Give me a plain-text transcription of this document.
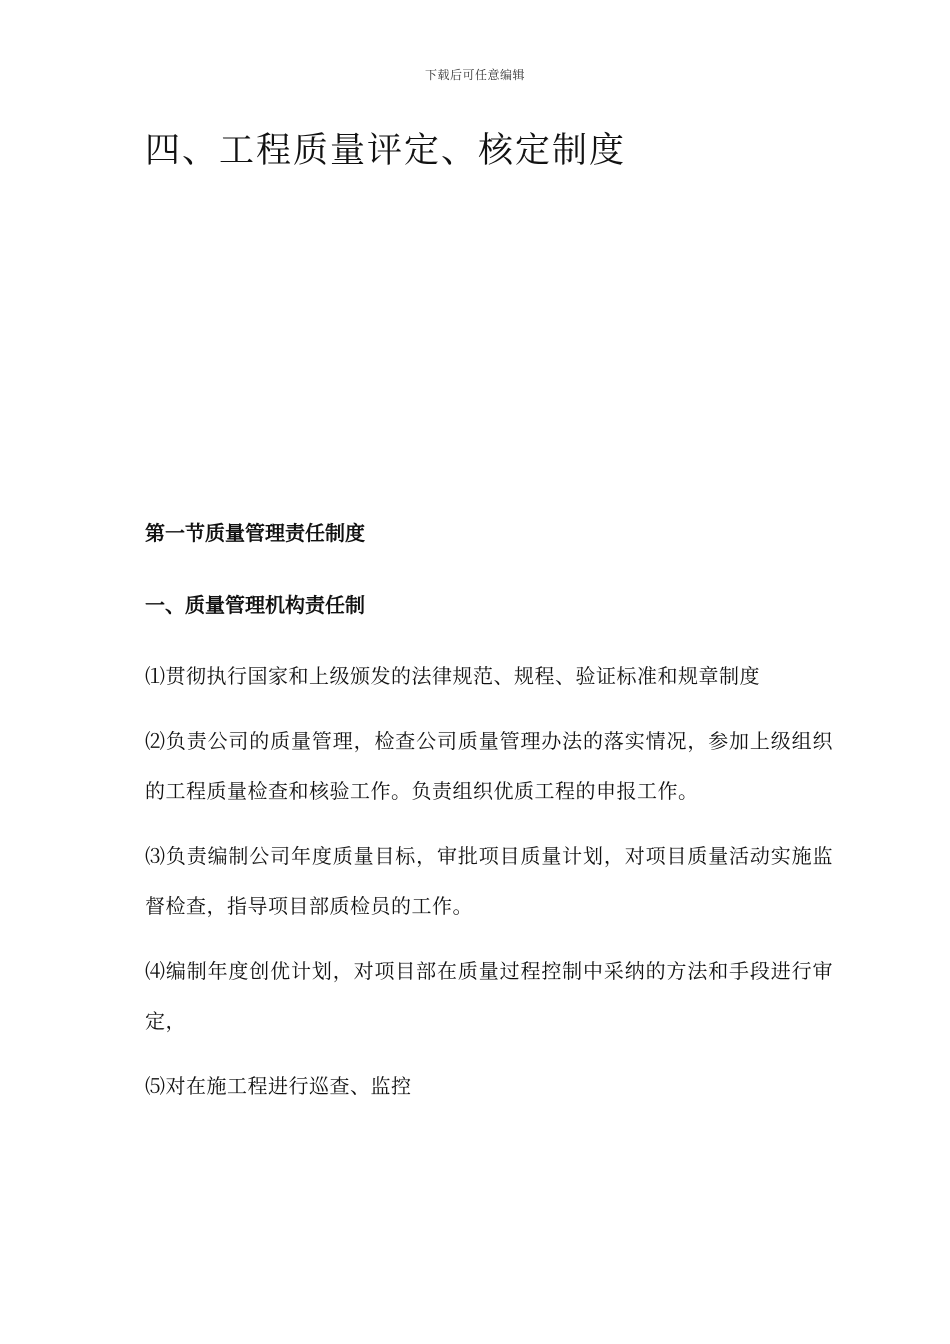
下载后可任意编辑
四、工程质量评定、核定制度
第一节质量管理责任制度
一、质量管理机构责任制
⑴贯彻执行国家和上级颁发的法律规范、规程、验证标准和规章制度
⑵负责公司的质量管理，检查公司质量管理办法的落实情况，参加上级组织的工程质量检查和核验工作。负责组织优质工程的申报工作。
⑶负责编制公司年度质量目标，审批项目质量计划，对项目质量活动实施监督检查，指导项目部质检员的工作。
⑷编制年度创优计划，对项目部在质量过程控制中采纳的方法和手段进行审定，
⑸对在施工程进行巡查、监控
